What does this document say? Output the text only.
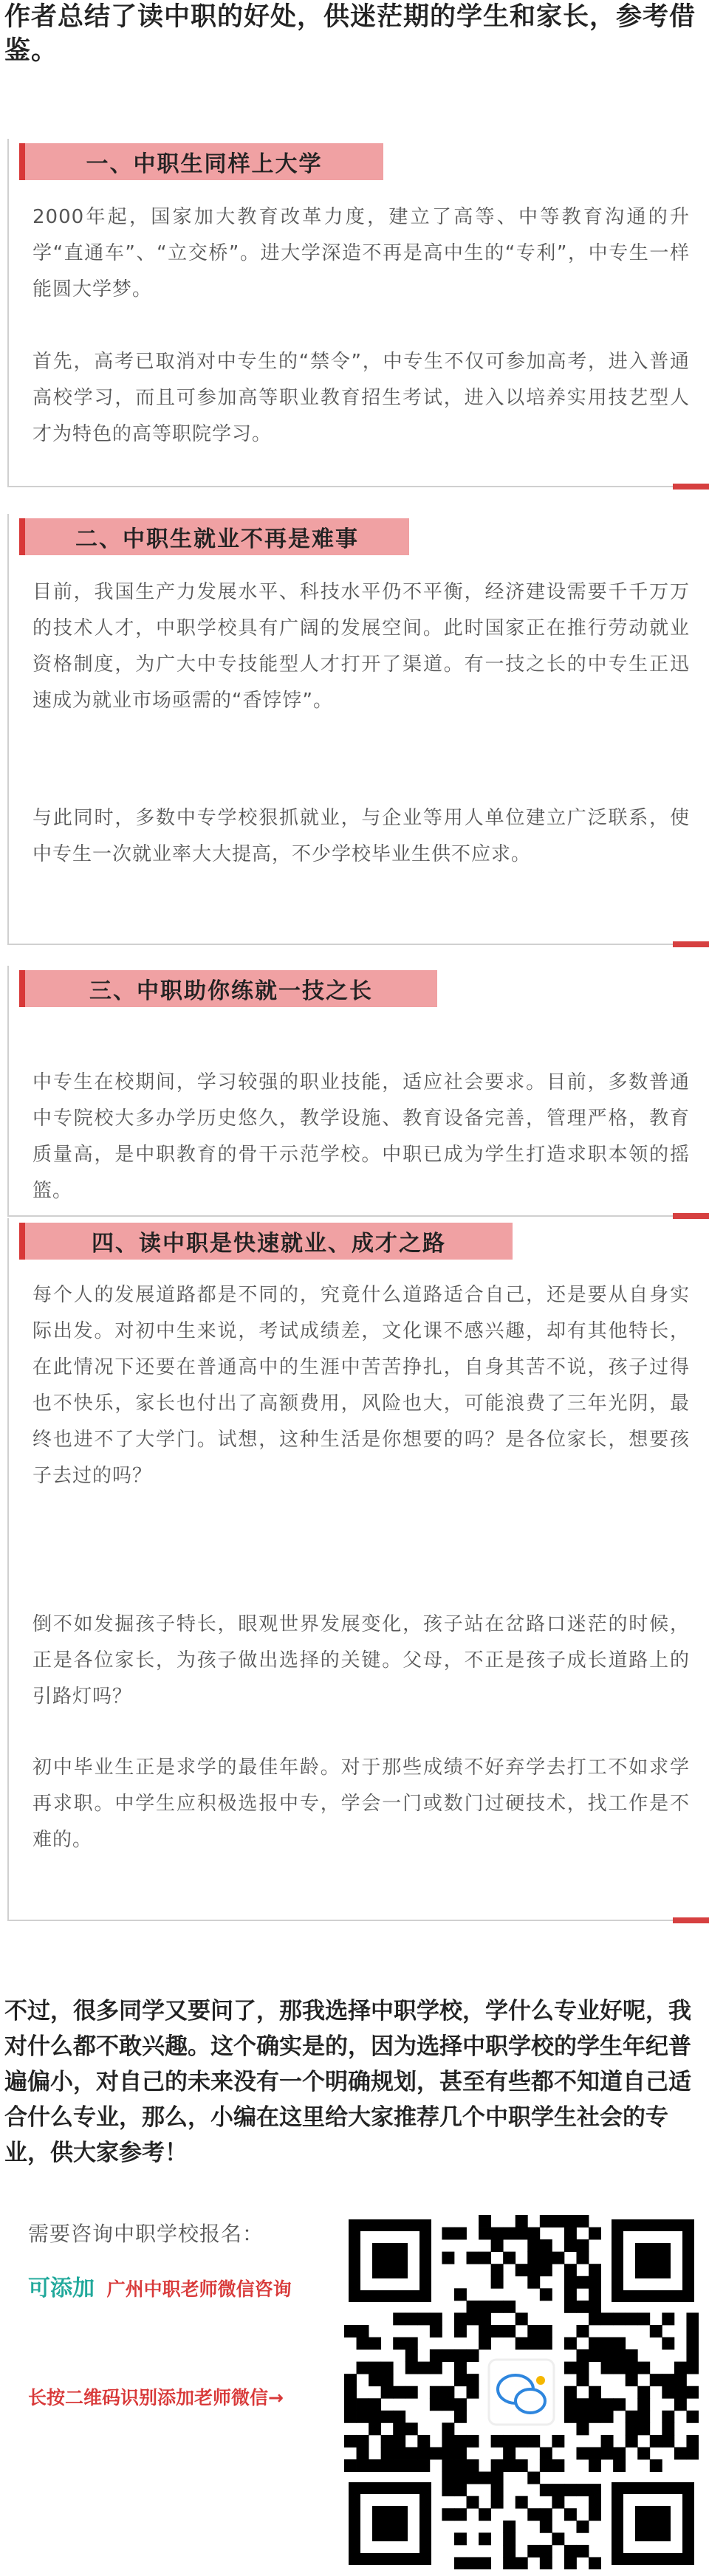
作者总结了读中职的好处，供迷茫期的学生和家长，参考借鉴。
一、中职生同样上大学
2000年起，国家加大教育改革力度，建立了高等、中等教育沟通的升学“直通车”、“立交桥”。进大学深造不再是高中生的“专利”，中专生一样能圆大学梦。
首先，高考已取消对中专生的“禁令”，中专生不仅可参加高考，进入普通高校学习，而且可参加高等职业教育招生考试，进入以培养实用技艺型人才为特色的高等职院学习。
二、中职生就业不再是难事
目前，我国生产力发展水平、科技水平仍不平衡，经济建设需要千千万万的技术人才，中职学校具有广阔的发展空间。此时国家正在推行劳动就业资格制度，为广大中专技能型人才打开了渠道。有一技之长的中专生正迅速成为就业市场亟需的“香饽饽”。
与此同时，多数中专学校狠抓就业，与企业等用人单位建立广泛联系，使中专生一次就业率大大提高，不少学校毕业生供不应求。
三、中职助你练就一技之长
中专生在校期间，学习较强的职业技能，适应社会要求。目前，多数普通中专院校大多办学历史悠久，教学设施、教育设备完善，管理严格，教育质量高，是中职教育的骨干示范学校。中职已成为学生打造求职本领的摇篮。
四、读中职是快速就业、成才之路
每个人的发展道路都是不同的，究竟什么道路适合自己，还是要从自身实际出发。对初中生来说，考试成绩差，文化课不感兴趣，却有其他特长，在此情况下还要在普通高中的生涯中苦苦挣扎，自身其苦不说，孩子过得也不快乐，家长也付出了高额费用，风险也大，可能浪费了三年光阴，最终也进不了大学门。试想，这种生活是你想要的吗？是各位家长，想要孩子去过的吗？
倒不如发掘孩子特长，眼观世界发展变化，孩子站在岔路口迷茫的时候，正是各位家长，为孩子做出选择的关键。父母，不正是孩子成长道路上的引路灯吗？
初中毕业生正是求学的最佳年龄。对于那些成绩不好弃学去打工不如求学再求职。中学生应积极选报中专，学会一门或数门过硬技术，找工作是不难的。
不过，很多同学又要问了，那我选择中职学校，学什么专业好呢，我对什么都不敢兴趣。这个确实是的，因为选择中职学校的学生年纪普遍偏小，对自己的未来没有一个明确规划，甚至有些都不知道自己适合什么专业，那么，小编在这里给大家推荐几个中职学生社会的专业，供大家参考！
需要咨询中职学校报名：
可添加 广州中职老师微信咨询
长按二维码识别添加老师微信→
